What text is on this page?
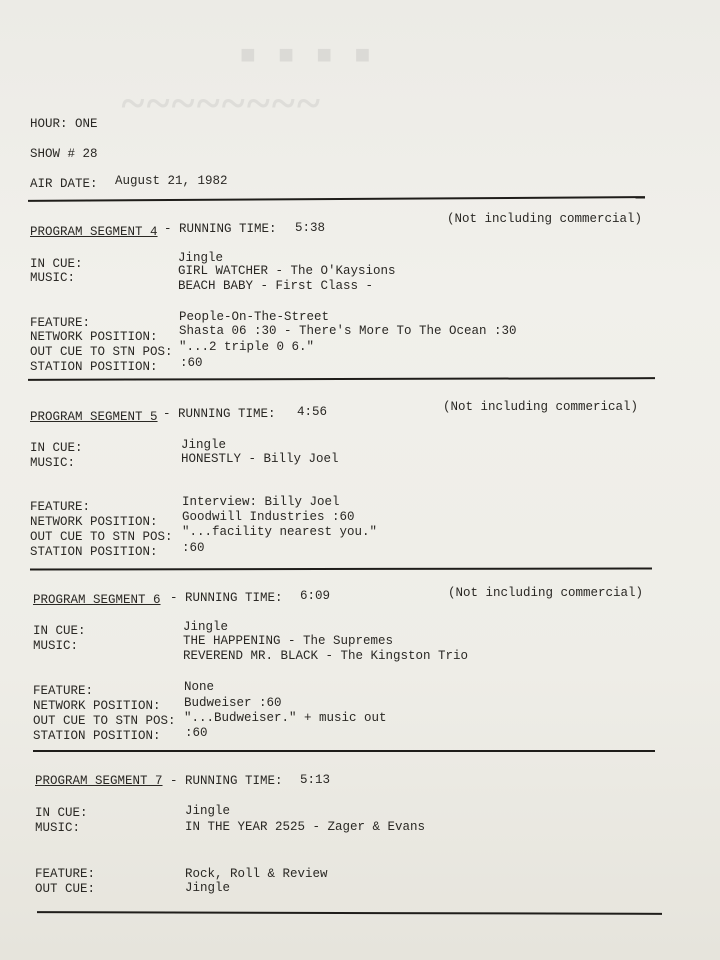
■ ■ ■ ■
~~~~~~~~
HOUR: ONE
SHOW # 28
AIR DATE: August 21, 1982
PROGRAM SEGMENT 4 - RUNNING TIME: 5:38
(Not including commercial)
IN CUE:	Jingle
MUSIC:	GIRL WATCHER - The O'Kaysions
BEACH BABY - First Class -
FEATURE:	People-On-The-Street
NETWORK POSITION: Shasta 06 :30 - There's More To The Ocean :30
OUT CUE TO STN POS: "...2 triple 0 6."
STATION POSITION: :60
PROGRAM SEGMENT 5 - RUNNING TIME: 4:56	(Not including commerical)
IN CUE:	Jingle
MUSIC:	HONESTLY - Billy Joel
FEATURE:	Interview: Billy Joel
NETWORK POSITION: Goodwill Industries :60
OUT CUE TO STN POS: "...facility nearest you."
STATION POSITION: :60
PROGRAM SEGMENT 6 - RUNNING TIME: 6:09	(Not including commercial)
IN CUE:	Jingle
MUSIC:	THE HAPPENING - The Supremes
REVEREND MR. BLACK - The Kingston Trio
FEATURE:	None
NETWORK POSITION: Budweiser :60
OUT CUE TO STN POS: "...Budweiser." + music out
STATION POSITION: :60
PROGRAM SEGMENT 7 - RUNNING TIME: 5:13
IN CUE:	Jingle
MUSIC:	IN THE YEAR 2525 - Zager & Evans
FEATURE:	Rock, Roll & Review
OUT CUE:	Jingle
